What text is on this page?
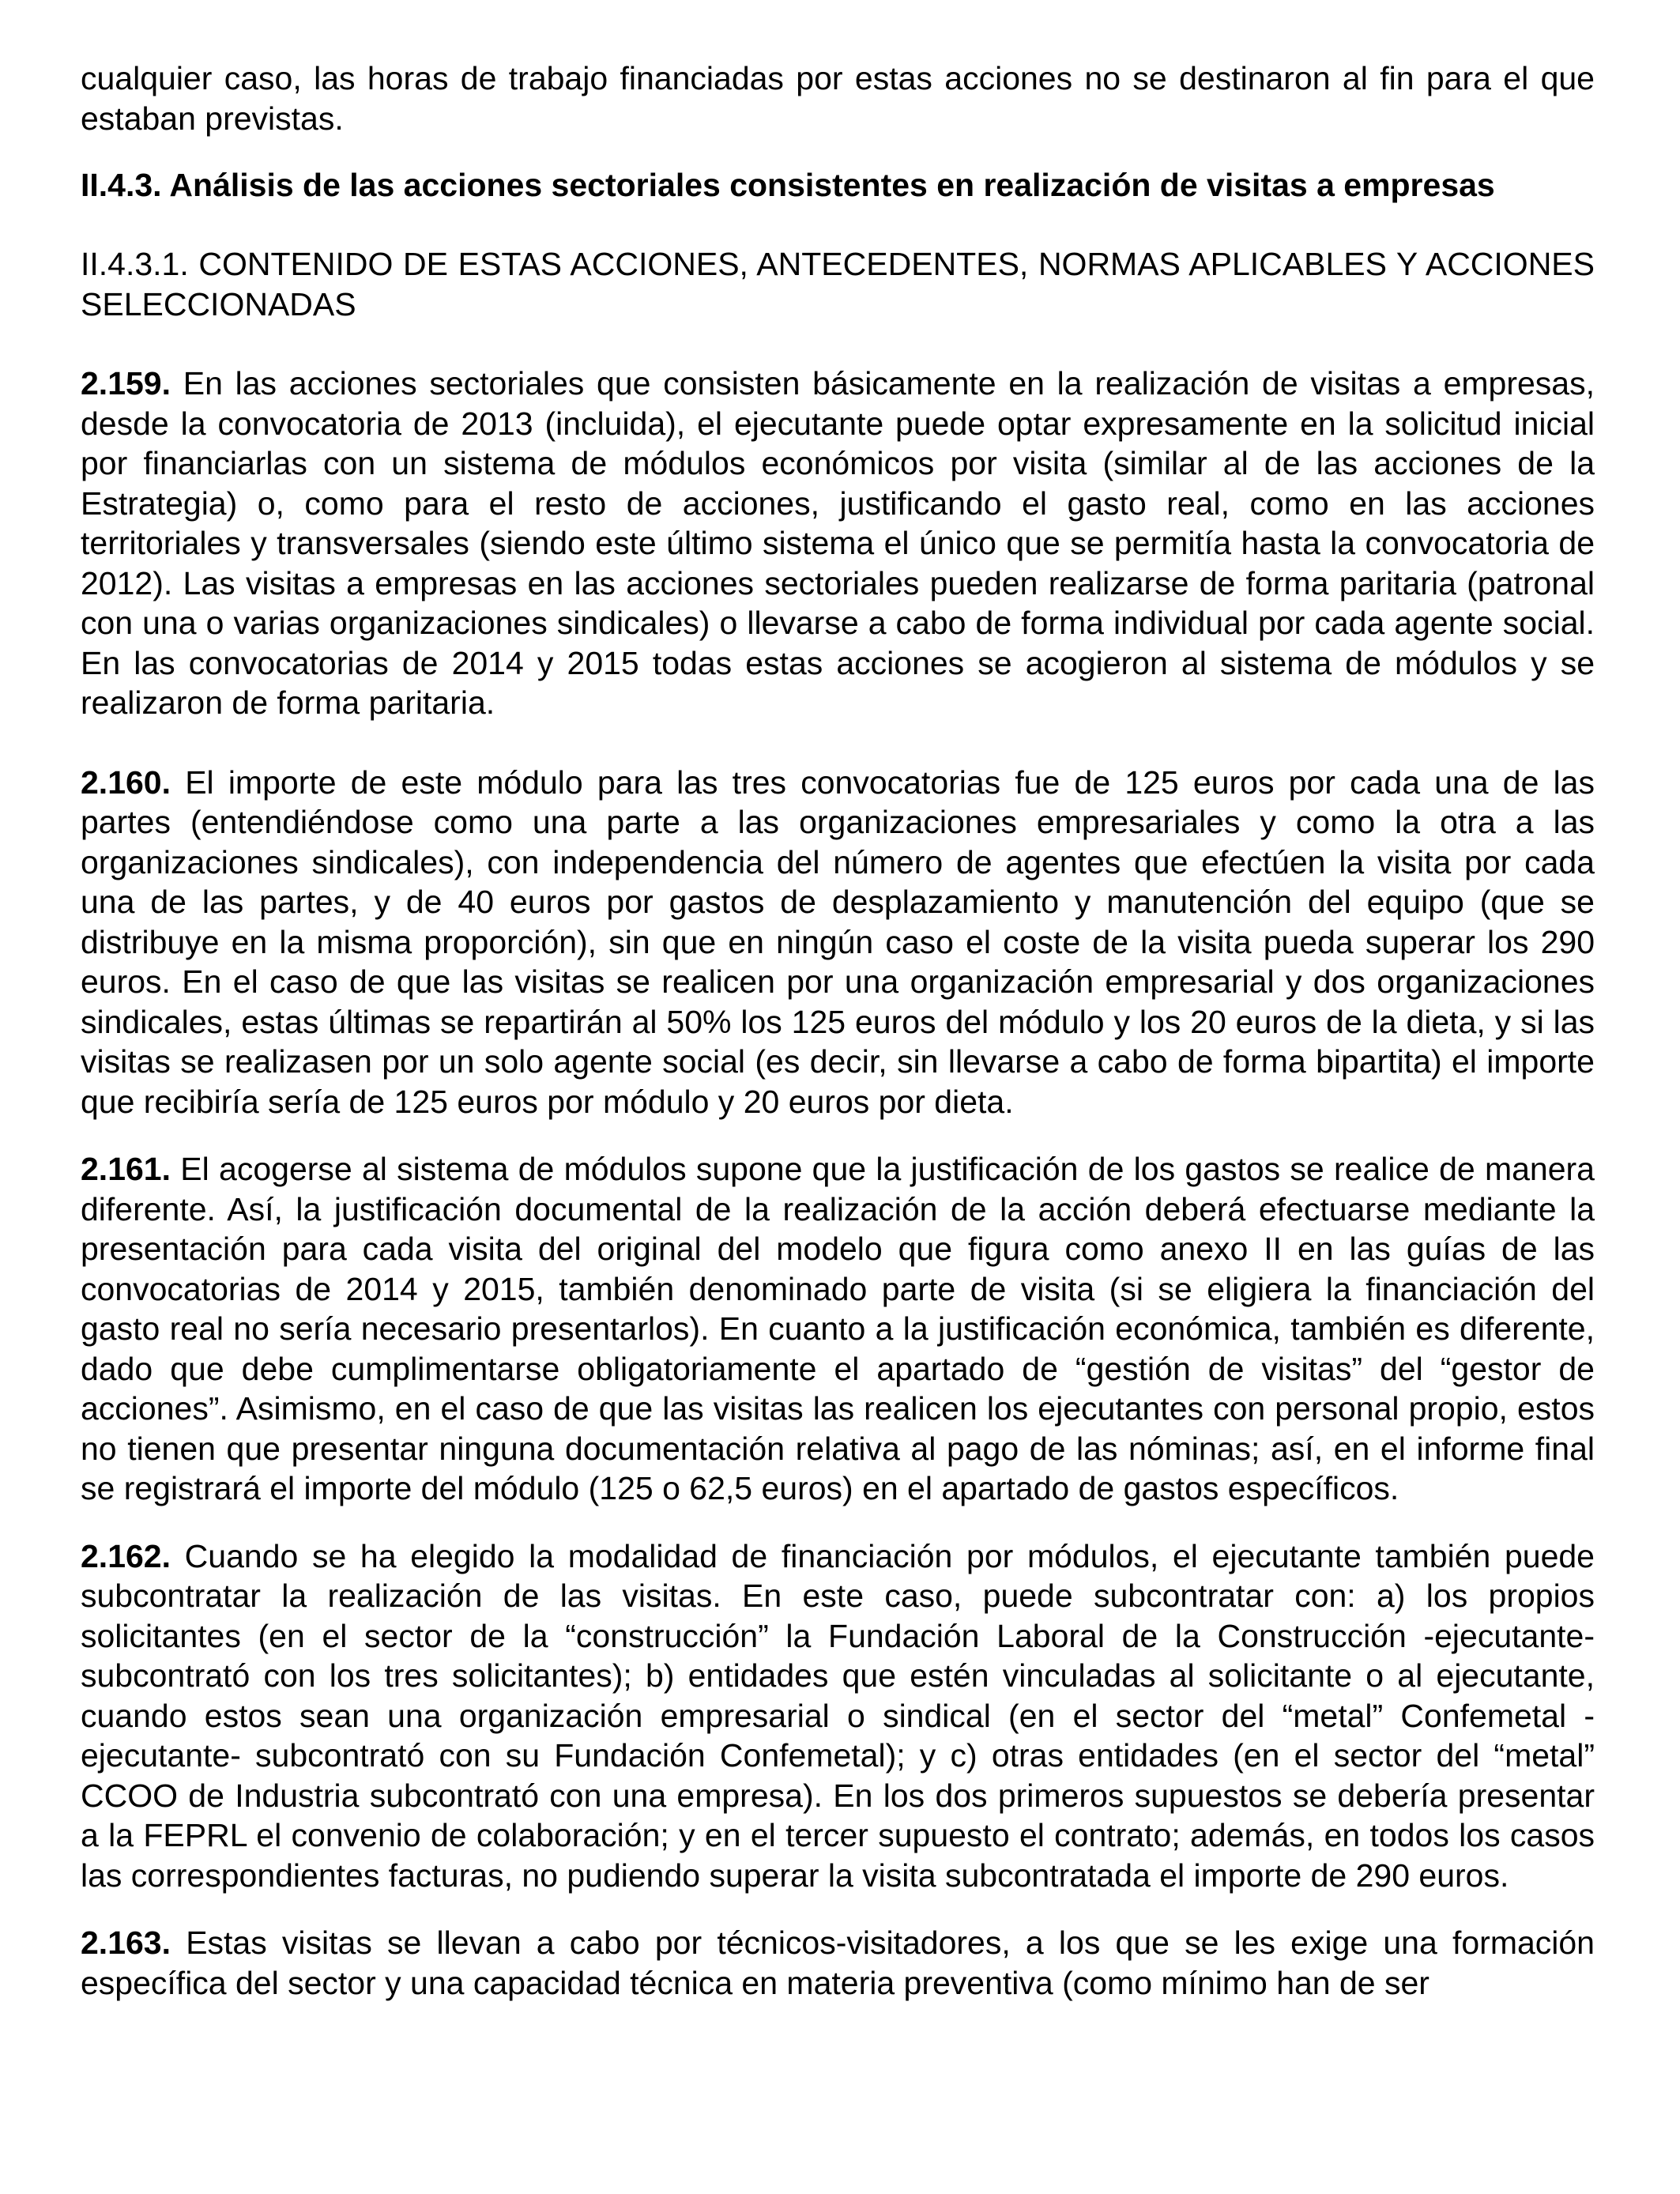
cualquier caso, las horas de trabajo financiadas por estas acciones no se destinaron al fin para el que estaban previstas.

II.4.3. Análisis de las acciones sectoriales consistentes en realización de visitas a empresas
II.4.3.1. CONTENIDO DE ESTAS ACCIONES, ANTECEDENTES, NORMAS APLICABLES Y ACCIONES SELECCIONADAS

2.159. En las acciones sectoriales que consisten básicamente en la realización de visitas a empresas, desde la convocatoria de 2013 (incluida), el ejecutante puede optar expresamente en la solicitud inicial por financiarlas con un sistema de módulos económicos por visita (similar al de las acciones de la Estrategia) o, como para el resto de acciones, justificando el gasto real, como en las acciones territoriales y transversales (siendo este último sistema el único que se permitía hasta la convocatoria de 2012). Las visitas a empresas en las acciones sectoriales pueden realizarse de forma paritaria (patronal con una o varias organizaciones sindicales) o llevarse a cabo de forma individual por cada agente social. En las convocatorias de 2014 y 2015 todas estas acciones se acogieron al sistema de módulos y se realizaron de forma paritaria.

2.160. El importe de este módulo para las tres convocatorias fue de 125 euros por cada una de las partes (entendiéndose como una parte a las organizaciones empresariales y como la otra a las organizaciones sindicales), con independencia del número de agentes que efectúen la visita por cada una de las partes, y de 40 euros por gastos de desplazamiento y manutención del equipo (que se distribuye en la misma proporción), sin que en ningún caso el coste de la visita pueda superar los 290 euros. En el caso de que las visitas se realicen por una organización empresarial y dos organizaciones sindicales, estas últimas se repartirán al 50% los 125 euros del módulo y los 20 euros de la dieta, y si las visitas se realizasen por un solo agente social (es decir, sin llevarse a cabo de forma bipartita) el importe que recibiría sería de 125 euros por módulo y 20 euros por dieta.

2.161. El acogerse al sistema de módulos supone que la justificación de los gastos se realice de manera diferente. Así, la justificación documental de la realización de la acción deberá efectuarse mediante la presentación para cada visita del original del modelo que figura como anexo II en las guías de las convocatorias de 2014 y 2015, también denominado parte de visita (si se eligiera la financiación del gasto real no sería necesario presentarlos). En cuanto a la justificación económica, también es diferente, dado que debe cumplimentarse obligatoriamente el apartado de “gestión de visitas” del “gestor de acciones”. Asimismo, en el caso de que las visitas las realicen los ejecutantes con personal propio, estos no tienen que presentar ninguna documentación relativa al pago de las nóminas; así, en el informe final se registrará el importe del módulo (125 o 62,5 euros) en el apartado de gastos específicos.

2.162. Cuando se ha elegido la modalidad de financiación por módulos, el ejecutante también puede subcontratar la realización de las visitas. En este caso, puede subcontratar con: a) los propios solicitantes (en el sector de la “construcción” la Fundación Laboral de la Construcción -ejecutante- subcontrató con los tres solicitantes); b) entidades que estén vinculadas al solicitante o al ejecutante, cuando estos sean una organización empresarial o sindical (en el sector del “metal” Confemetal -ejecutante- subcontrató con su Fundación Confemetal); y c) otras entidades (en el sector del “metal” CCOO de Industria subcontrató con una empresa). En los dos primeros supuestos se debería presentar a la FEPRL el convenio de colaboración; y en el tercer supuesto el contrato; además, en todos los casos las correspondientes facturas, no pudiendo superar la visita subcontratada el importe de 290 euros.

2.163. Estas visitas se llevan a cabo por técnicos-visitadores, a los que se les exige una formación específica del sector y una capacidad técnica en materia preventiva (como mínimo han de ser
